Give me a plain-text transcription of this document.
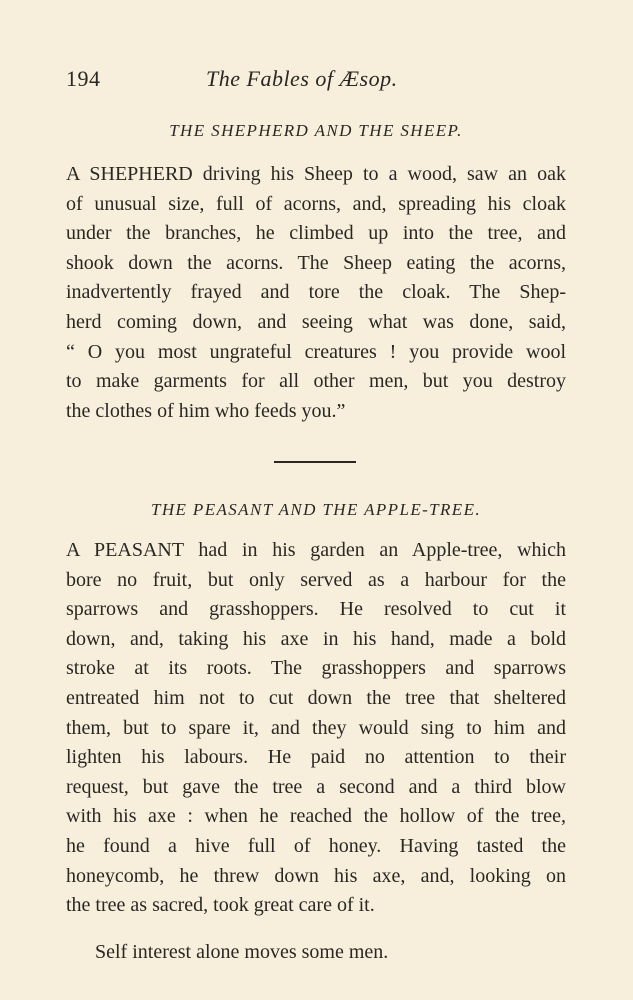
194	The Fables of Æsop.
THE SHEPHERD AND THE SHEEP.
A SHEPHERD driving his Sheep to a wood, saw an oak
of unusual size, full of acorns, and, spreading his cloak
under the branches, he climbed up into the tree, and
shook down the acorns. The Sheep eating the acorns,
inadvertently frayed and tore the cloak. The Shep-
herd coming down, and seeing what was done, said,
“ O you most ungrateful creatures ! you provide wool
to make garments for all other men, but you destroy
the clothes of him who feeds you.”
THE PEASANT AND THE APPLE-TREE.
A PEASANT had in his garden an Apple-tree, which
bore no fruit, but only served as a harbour for the
sparrows and grasshoppers. He resolved to cut it
down, and, taking his axe in his hand, made a bold
stroke at its roots. The grasshoppers and sparrows
entreated him not to cut down the tree that sheltered
them, but to spare it, and they would sing to him and
lighten his labours. He paid no attention to their
request, but gave the tree a second and a third blow
with his axe : when he reached the hollow of the tree,
he found a hive full of honey. Having tasted the
honeycomb, he threw down his axe, and, looking on
the tree as sacred, took great care of it.
Self interest alone moves some men.
